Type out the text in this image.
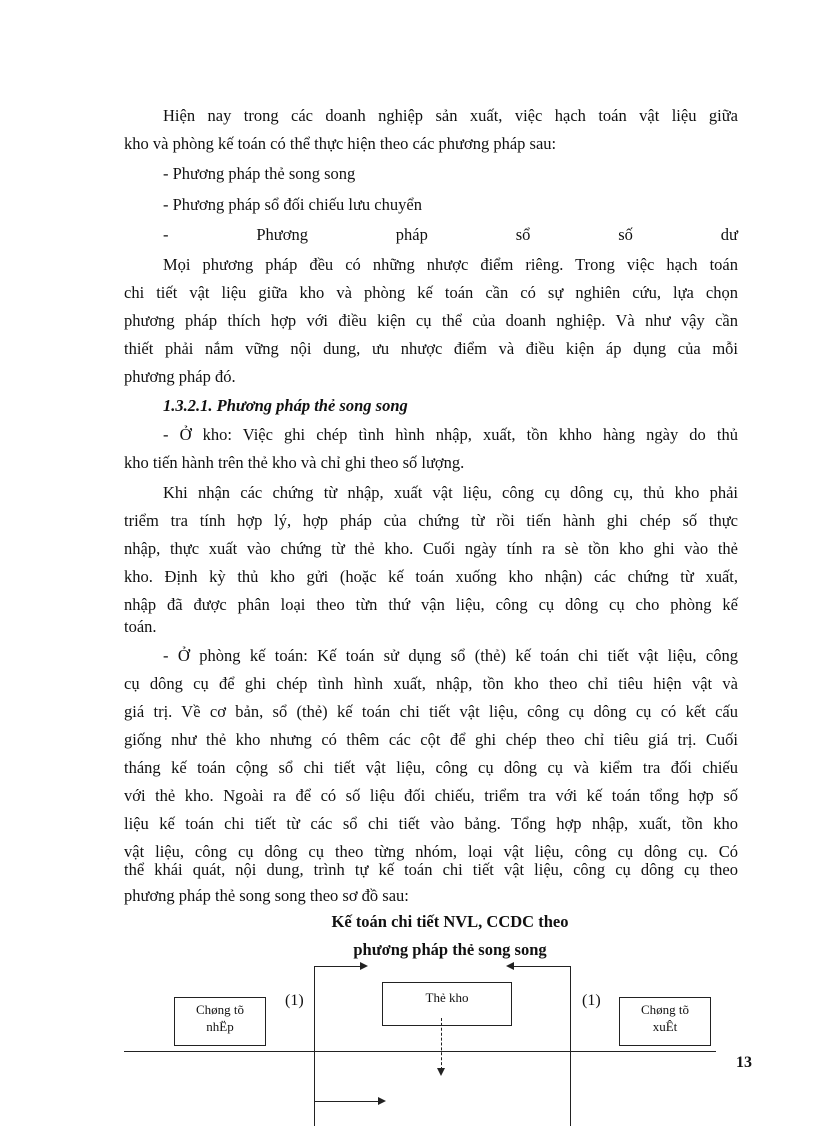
Hiện nay trong các doanh nghiệp sản xuất, việc hạch toán vật liệu giữa
kho và phòng kế toán có thể thực hiện theo các phương pháp sau:
- Phương pháp thẻ song song
- Phương pháp sổ đối chiếu lưu chuyển
-	Phương	pháp	sổ	số	dư
Mọi phương pháp đều có những nhược điểm riêng. Trong việc hạch toán
chi tiết vật liệu giữa kho và phòng kế toán cần có sự nghiên cứu, lựa chọn
phương pháp thích hợp với điều kiện cụ thể của doanh nghiệp. Và như vậy cần
thiết phải nắm vững nội dung, ưu nhược điểm và điều kiện áp dụng của mỗi
phương pháp đó.
1.3.2.1. Phương pháp thẻ song song
- Ở kho: Việc ghi chép tình hình nhập, xuất, tồn khho hàng ngày do thủ
kho tiến hành trên thẻ kho và chỉ ghi theo số lượng.
Khi nhận các chứng từ nhập, xuất vật liệu, công cụ dông cụ, thủ kho phải
triểm tra tính hợp lý, hợp pháp của chứng từ rồi tiến hành ghi chép số thực
nhập, thực xuất vào chứng từ thẻ kho. Cuối ngày tính ra sè tồn kho ghi vào thẻ
kho. Định kỳ thủ kho gửi (hoặc kế toán xuống kho nhận) các chứng từ xuất,
nhập đã được phân loại theo từn thứ vận liệu, công cụ dông cụ cho phòng kế
toán.
- Ở phòng kế toán: Kế toán sử dụng sổ (thẻ) kế toán chi tiết vật liệu, công
cụ dông cụ để ghi chép tình hình xuất, nhập, tồn kho theo chỉ tiêu hiện vật và
giá trị. Về cơ bản, sổ (thẻ) kế toán chi tiết vật liệu, công cụ dông cụ có kết cấu
giống như thẻ kho nhưng có thêm các cột để ghi chép theo chỉ tiêu giá trị. Cuối
tháng kế toán cộng sổ chi tiết vật liệu, công cụ dông cụ và kiểm tra đối chiếu
với thẻ kho. Ngoài ra để có số liệu đối chiếu, triểm tra với kế toán tổng hợp số
liệu kế toán chi tiết từ các sổ chi tiết vào bảng. Tổng hợp nhập, xuất, tồn kho
vật liệu, công cụ dông cụ theo từng nhóm, loại vật liệu, công cụ dông cụ. Có
thể khái quát, nội dung, trình tự kế toán chi tiết vật liệu, công cụ dông cụ theo
phương pháp thẻ song song theo sơ đồ sau:
Kế toán chi tiết NVL, CCDC theo
phương pháp thẻ song song
Chøng tõ
nhËp
Thẻ kho
Chøng tõ
xuÊt
(1)	(1)
13
